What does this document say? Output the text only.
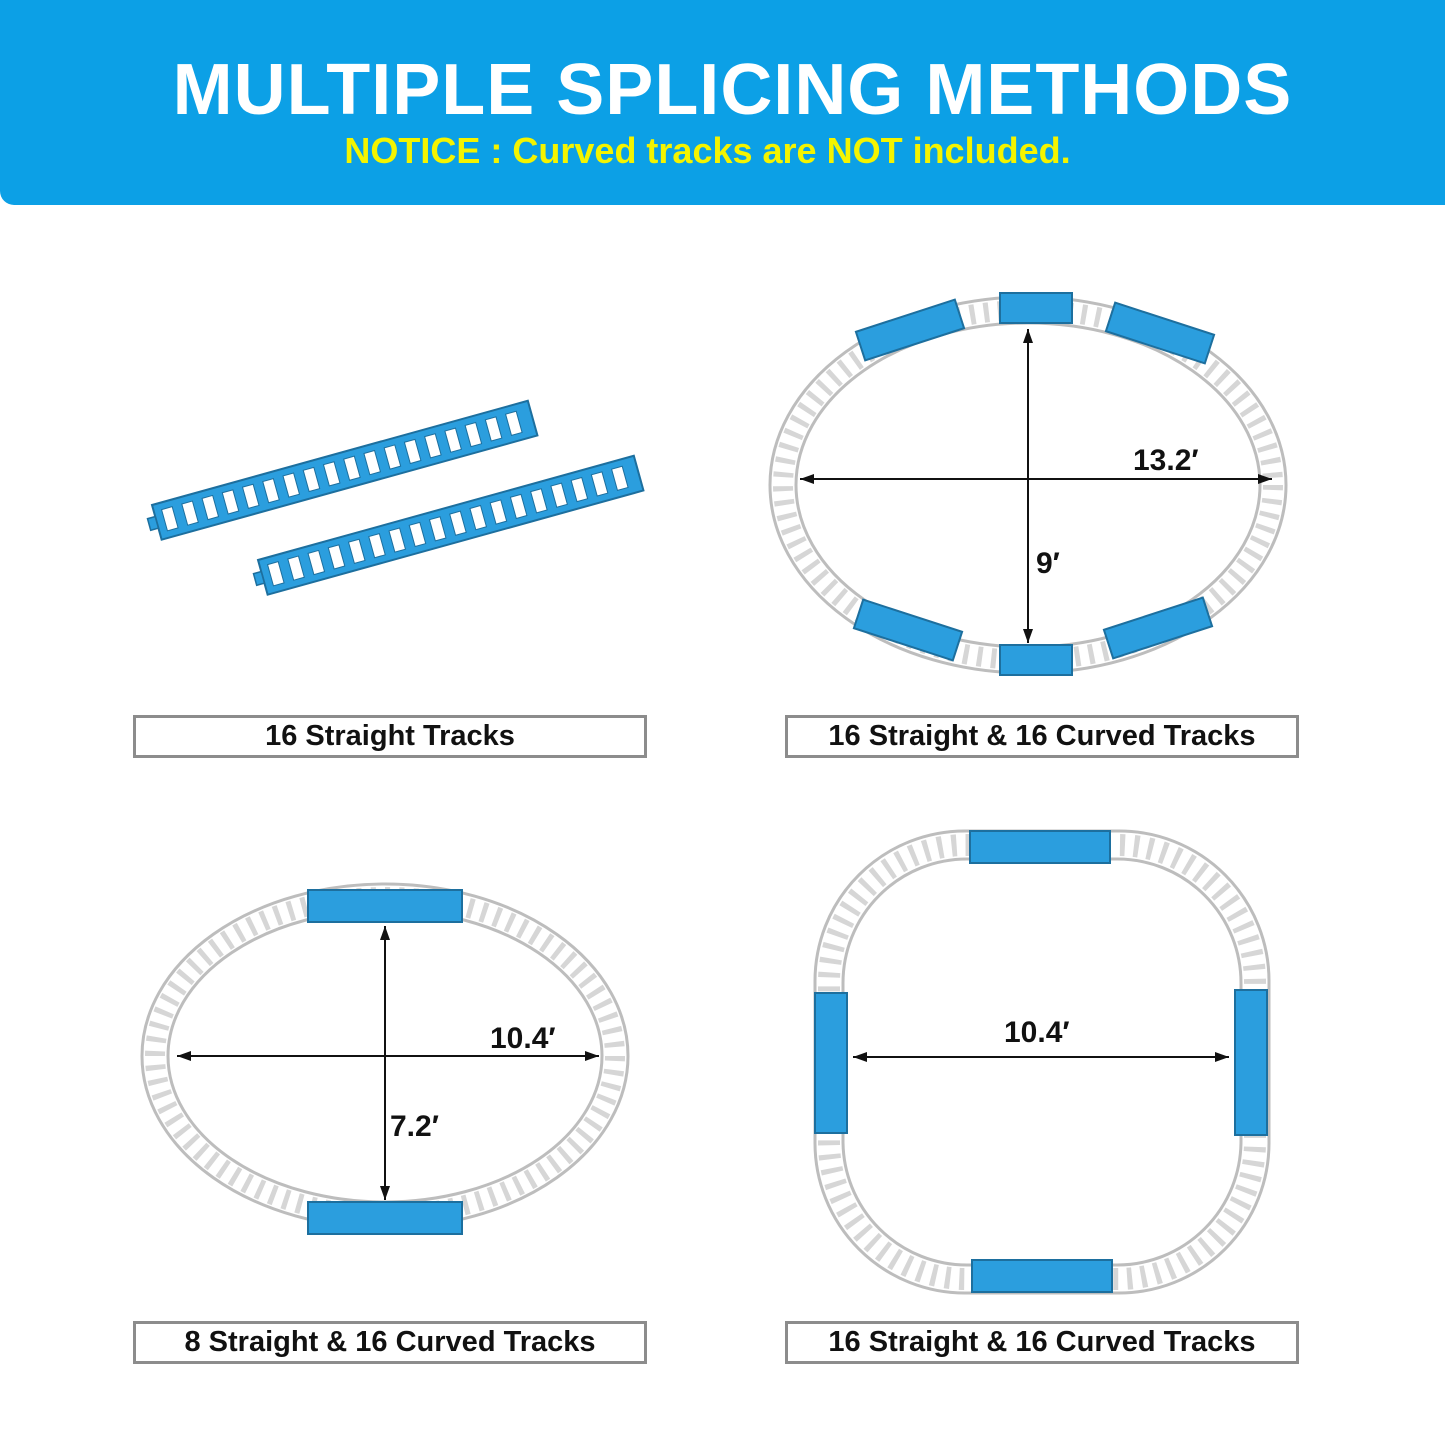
MULTIPLE SPLICING METHODS
NOTICE : Curved tracks are NOT included.
16 Straight Tracks
13.2′
9′
16 Straight & 16 Curved Tracks
10.4′
7.2′
8 Straight & 16 Curved Tracks
10.4′
16 Straight & 16 Curved Tracks
